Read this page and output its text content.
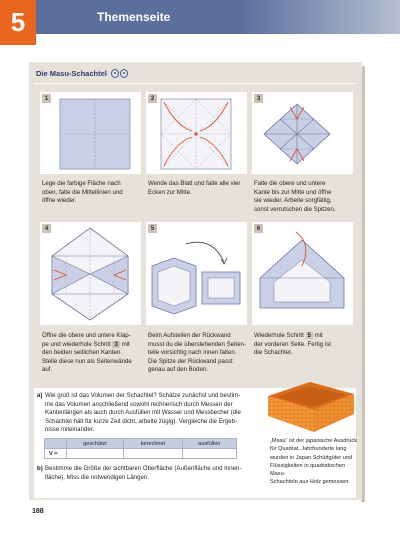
5	Themenseite
Die Masu-Schachtel
1	2	3
Lege die farbige Fläche nach
oben, falte die Mittellinien und
öffne wieder.
Wende das Blatt und falte alle vier
Ecken zur Mitte.
Falte die obere und untere
Kante bis zur Mitte und öffne
sie wieder. Arbeite sorgfältig,
sonst verrutschen die Spitzen.
4	5	6
Öffne die obere und untere Klap-
pe und wiederhole Schritt 3 mit
den beiden seitlichen Kanten.
Stelle diese nun als Seitenwände
auf.
Beim Aufstellen der Rückwand
musst du die überstehenden Seiten-
teile vorsichtig nach innen falten.
Die Spitze der Rückwand passt
genau auf den Boden.
Wiederhole Schritt 5 mit
der vorderen Seite. Fertig ist
die Schachtel.
a) Wie groß ist das Volumen der Schachtel? Schätze zunächst und bestim-
me das Volumen anschließend sowohl rechnerisch durch Messen der
Kantenlängen als auch durch Ausfüllen mit Wasser und Messbecher (die
Schachtel hält für kurze Zeit dicht, arbeite zügig). Vergleiche die Ergeb-
nisse miteinander.
	geschätzt	berechnet	ausfüllen
V =			
b) Bestimme die Größe der sichtbaren Oberfläche (Außenfläche und Innen-
fläche). Miss die notwendigen Längen.
„Masu“ ist der japanische Ausdruck
für Quadrat. Jahrhunderte lang
wurden in Japan Schüttgüter und
Flüssigkeiten in quadratischen Masu-
Schachteln aus Holz gemessen.
188
